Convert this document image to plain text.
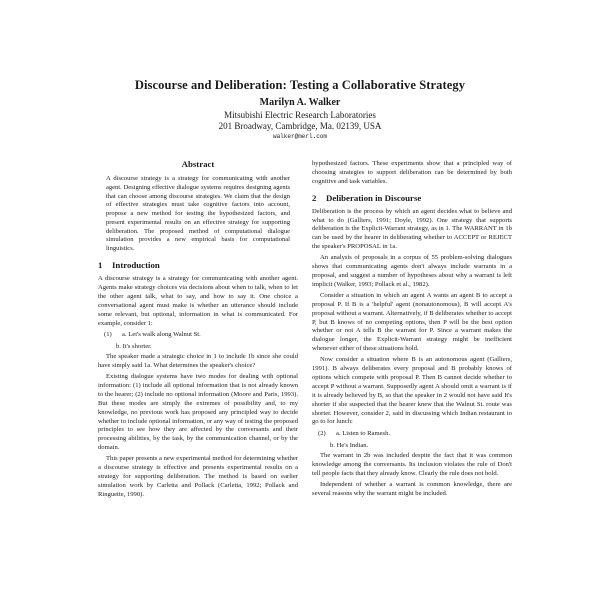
Discourse and Deliberation: Testing a Collaborative Strategy
Marilyn A. Walker
Mitsubishi Electric Research Laboratories
201 Broadway, Cambridge, Ma. 02139, USA
walker@merl.com
Abstract

A discourse strategy is a strategy for communicating with another agent. Designing effective dialogue systems requires designing agents that can choose among discourse strategies. We claim that the design of effective strategies must take cognitive factors into account, propose a new method for testing the hypothesized factors, and present experimental results on an effective strategy for supporting deliberation. The proposed method of computational dialogue simulation provides a new empirical basis for computational linguistics.

1 Introduction

A discourse strategy is a strategy for communicating with another agent. Agents make strategy choices via decisions about when to talk, when to let the other agent talk, what to say, and how to say it. One choice a conversational agent must make is whether an utterance should include some relevant, but optional, information in what is communicated. For example, consider 1:

(1) a. Let's walk along Walnut St.
b. It's shorter.

The speaker made a strategic choice in 1 to include 1b since she could have simply said 1a. What determines the speaker's choice?

Existing dialogue systems have two modes for dealing with optional information: (1) include all optional information that is not already known to the hearer; (2) include no optional information (Moore and Paris, 1993). But these modes are simply the extremes of possibility and, to my knowledge, no previous work has proposed any principled way to decide whether to include optional information, or any way of testing the proposed principles to see how they are affected by the conversants and their processing abilities, by the task, by the communication channel, or by the domain.

This paper presents a new experimental method for determining whether a discourse strategy is effective and presents experimental results on a strategy for supporting deliberation. The method is based on earlier simulation work by Carletta and Pollack (Carletta, 1992; Pollack and Ringuette, 1990).

hypothesized factors. These experiments show that a principled way of choosing strategies to support deliberation can be determined by both cognitive and task variables.

2 Deliberation in Discourse

Deliberation is the process by which an agent decides what to believe and what to do (Galliers, 1991; Doyle, 1992). One strategy that supports deliberation is the Explicit-Warrant strategy, as in 1. The WARRANT in 1b can be used by the hearer in deliberating whether to ACCEPT or REJECT the speaker's PROPOSAL in 1a.

An analysis of proposals in a corpus of 55 problem-solving dialogues shows that communicating agents don't always include warrants in a proposal, and suggest a number of hypotheses about why a warrant is left implicit (Walker, 1993; Pollack et al., 1982).

Consider a situation in which an agent A wants an agent B to accept a proposal P. If B is a 'helpful' agent (nonautonomous), B will accept A's proposal without a warrant. Alternatively, if B deliberates whether to accept P, but B knows of no competing options, then P will be the best option whether or not A tells B the warrant for P. Since a warrant makes the dialogue longer, the Explicit-Warrant strategy might be inefficient whenever either of these situations hold.

Now consider a situation where B is an autonomous agent (Galliers, 1991). B always deliberates every proposal and B probably knows of options which compete with proposal P. Then B cannot decide whether to accept P without a warrant. Supposedly agent A should omit a warrant is if it is already believed by B, so that the speaker in 2 would not have said It's shorter if she suspected that the hearer knew that the Walnut St. route was shorter. However, consider 2, said in discussing which Indian restaurant to go to for lunch:

(2) a. Listen to Ramesh.
b. He's Indian.

The warrant in 2b was included despite the fact that it was common knowledge among the conversants. Its inclusion violates the rule of Don't tell people facts that they already know. Clearly the rule does not hold.

Independent of whether a warrant is common knowledge, there are several reasons why the warrant might be included.
